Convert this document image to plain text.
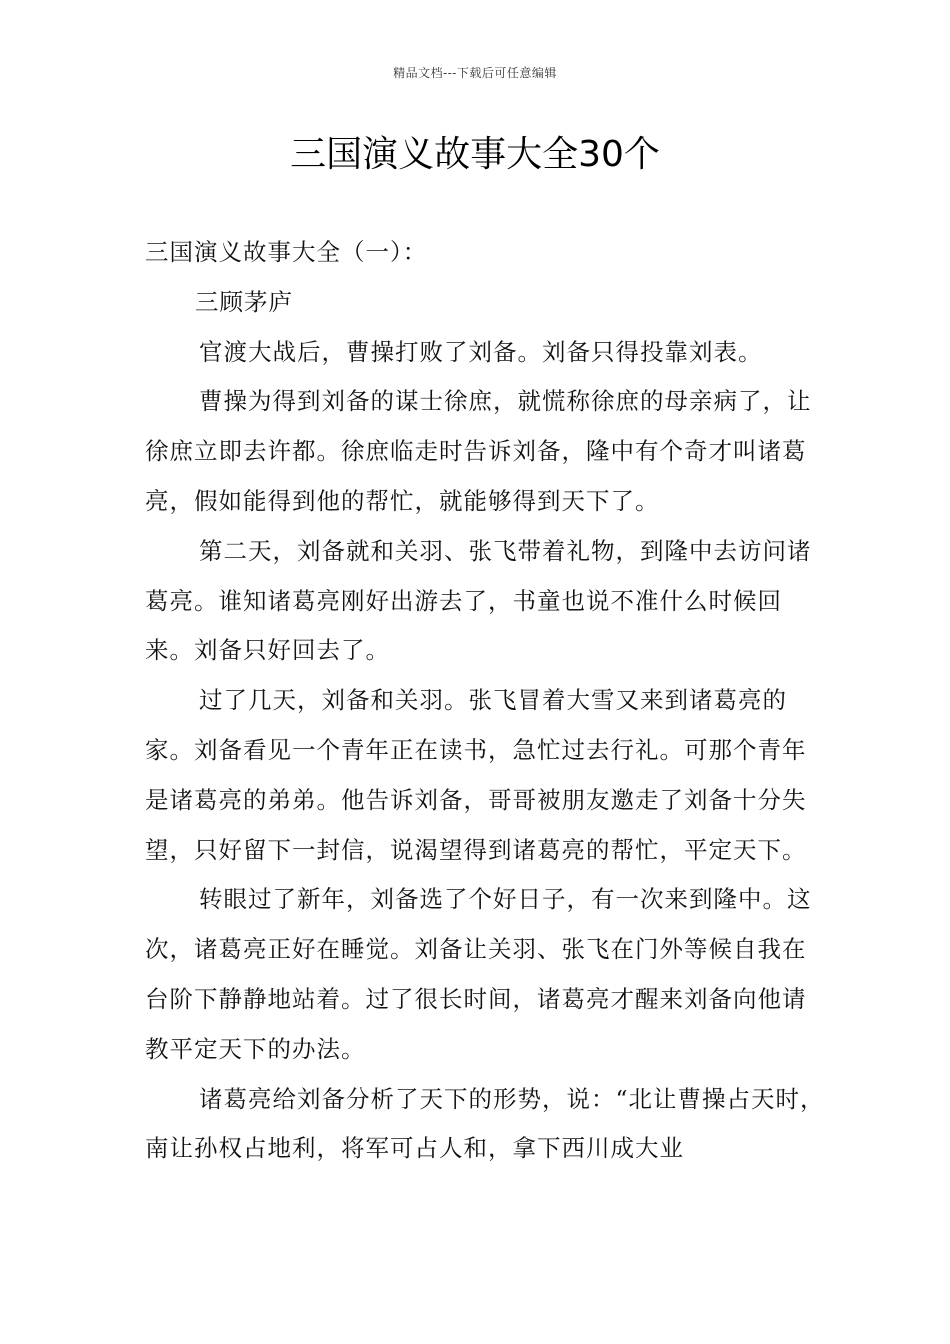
精品文档---下载后可任意编辑
三国演义故事大全30个

三国演义故事大全（一）：

三顾茅庐

官渡大战后，曹操打败了刘备。刘备只得投靠刘表。

曹操为得到刘备的谋士徐庶，就慌称徐庶的母亲病了，让徐庶立即去许都。徐庶临走时告诉刘备，隆中有个奇才叫诸葛亮，假如能得到他的帮忙，就能够得到天下了。

第二天，刘备就和关羽、张飞带着礼物，到隆中去访问诸葛亮。谁知诸葛亮刚好出游去了，书童也说不准什么时候回来。刘备只好回去了。

过了几天，刘备和关羽。张飞冒着大雪又来到诸葛亮的家。刘备看见一个青年正在读书，急忙过去行礼。可那个青年是诸葛亮的弟弟。他告诉刘备，哥哥被朋友邀走了刘备十分失望，只好留下一封信，说渴望得到诸葛亮的帮忙，平定天下。

转眼过了新年，刘备选了个好日子，有一次来到隆中。这次，诸葛亮正好在睡觉。刘备让关羽、张飞在门外等候自我在台阶下静静地站着。过了很长时间，诸葛亮才醒来刘备向他请教平定天下的办法。

诸葛亮给刘备分析了天下的形势，说：“北让曹操占天时，南让孙权占地利，将军可占人和，拿下西川成大业
